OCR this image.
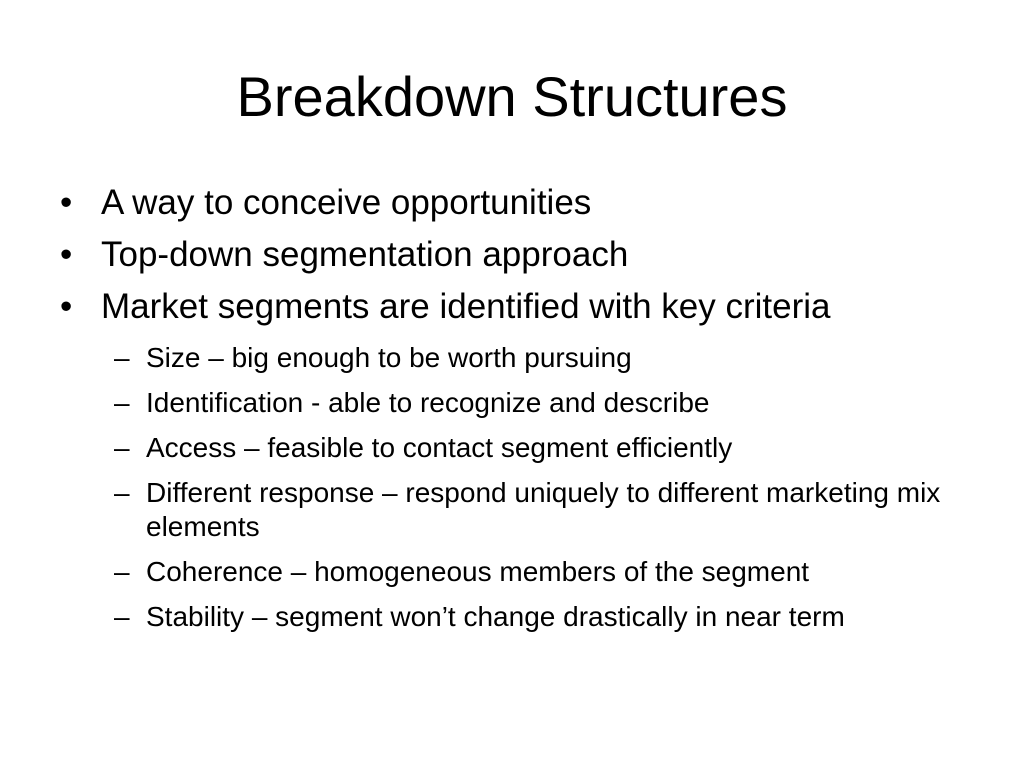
Breakdown Structures
• A way to conceive opportunities
• Top-down segmentation approach
• Market segments are identified with key criteria
– Size – big enough to be worth pursuing
– Identification - able to recognize and describe
– Access – feasible to contact segment efficiently
– Different response – respond uniquely to different marketing mix elements
– Coherence – homogeneous members of the segment
– Stability – segment won’t change drastically in near term
